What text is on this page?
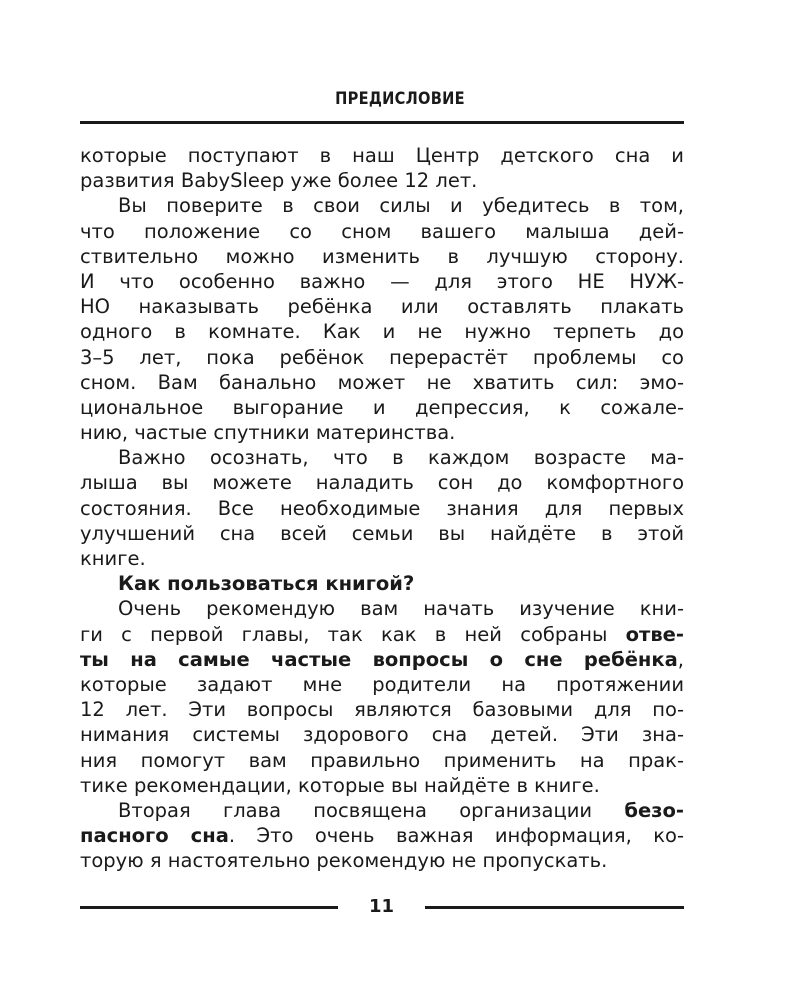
ПРЕДИСЛОВИЕ
которые поступают в наш Центр детского сна и
развития BabySleep уже более 12 лет.
Вы поверите в свои силы и убедитесь в том,
что положение со сном вашего малыша дей-
ствительно можно изменить в лучшую сторону.
И что особенно важно — для этого НЕ НУЖ-
НО наказывать ребёнка или оставлять плакать
одного в комнате. Как и не нужно терпеть до
3–5 лет, пока ребёнок перерастёт проблемы со
сном. Вам банально может не хватить сил: эмо-
циональное выгорание и депрессия, к сожале-
нию, частые спутники материнства.
Важно осознать, что в каждом возрасте ма-
лыша вы можете наладить сон до комфортного
состояния. Все необходимые знания для первых
улучшений сна всей семьи вы найдёте в этой
книге.
Как пользоваться книгой?
Очень рекомендую вам начать изучение кни-
ги с первой главы, так как в ней собраны отве-
ты на самые частые вопросы о сне ребёнка,
которые задают мне родители на протяжении
12 лет. Эти вопросы являются базовыми для по-
нимания системы здорового сна детей. Эти зна-
ния помогут вам правильно применить на прак-
тике рекомендации, которые вы найдёте в книге.
Вторая глава посвящена организации безо-
пасного сна. Это очень важная информация, ко-
торую я настоятельно рекомендую не пропускать.
11
